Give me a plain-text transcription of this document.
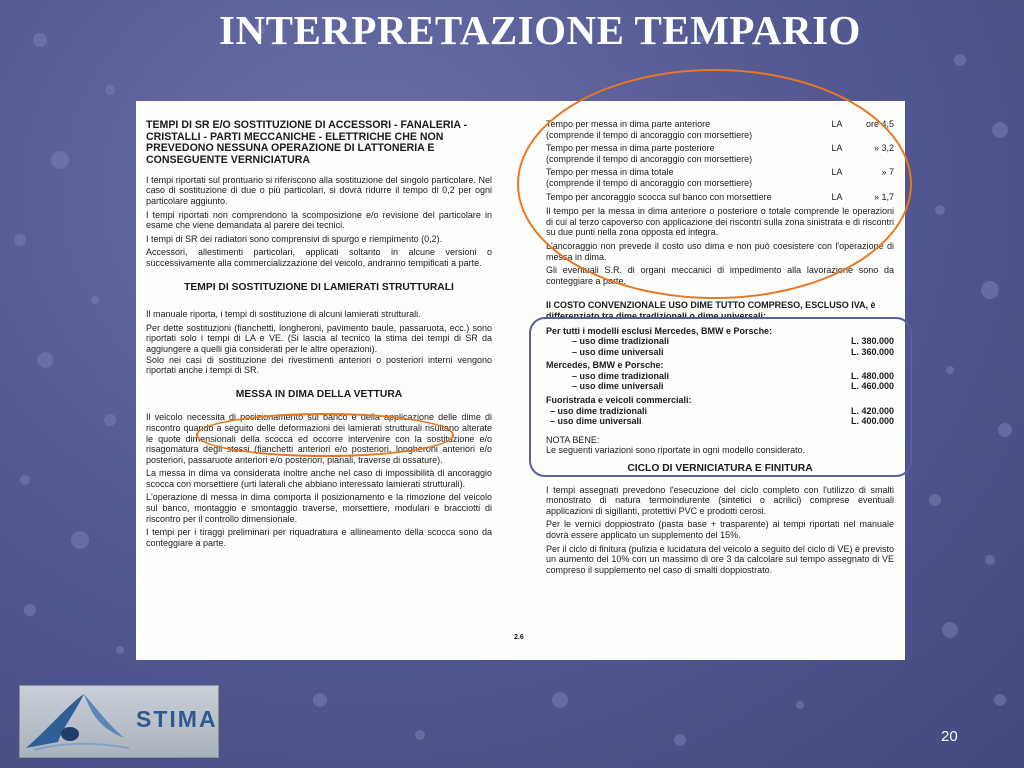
INTERPRETAZIONE TEMPARIO
TEMPI DI SR E/O SOSTITUZIONE DI ACCESSORI - FANALERIA - CRISTALLI - PARTI MECCANICHE - ELETTRICHE CHE NON PREVEDONO NESSUNA OPERAZIONE DI LATTONERIA E CONSEGUENTE VERNICIATURA

I tempi riportati sul prontuario si riferiscono alla sostituzione del singolo particolare. Nel caso di sostituzione di due o più particolari, si dovrà ridurre il tempo di 0,2 per ogni particolare aggiunto.

I tempi riportati non comprendono la scomposizione e/o revisione del particolare in esame che viene demandata al parere dei tecnici.

I tempi di SR dei radiatori sono comprensivi di spurgo e riempimento (0,2).

Accessori, allestimenti particolari, applicati soltanto in alcune versioni o successivamente alla commercializzazione del veicolo, andranno tempificati a parte.

TEMPI DI SOSTITUZIONE DI LAMIERATI STRUTTURALI

Il manuale riporta, i tempi di sostituzione di alcuni lamierati strutturali.

Per dette sostituzioni (fianchetti, longheroni, pavimento baule, passaruota, ecc.) sono riportati solo i tempi di LA e VE. (Si lascia al tecnico la stima dei tempi di SR da aggiungere a quelli già considerati per le altre operazioni).

Solo nei casi di sostituzione dei rivestimenti anteriori o posteriori interni vengono riportati anche i tempi di SR.

MESSA IN DIMA DELLA VETTURA

Il veicolo necessita di posizionamento sul banco e della applicazione delle dime di riscontro quando a seguito delle deformazioni dei lamierati strutturali risultano alterate le quote dimensionali della scocca ed occorre intervenire con la sostituzione e/o risagomatura degli stessi (fianchetti anteriori e/o posteriori, longheroni anteriori e/o posteriori, passaruote anteriori e/o posteriori, pianali, traverse di ossature).

La messa in dima va considerata inoltre anche nel caso di impossibilità di ancoraggio scocca con morsettiere (urti laterali che abbiano interessato lamierati strutturali).

L'operazione di messa in dima comporta il posizionamento e la rimozione del veicolo sul banco, montaggio e smontaggio traverse, morsettiere, modulari e bracciotti di riscontro per il controllo dimensionale.

I tempi per i tiraggi preliminari per riquadratura e allineamento della scocca sono da conteggiare a parte.

Tempo per messa in dima parte anteriore	LA	ore 4,5
(comprende il tempo di ancoraggio con morsettiere)
Tempo per messa in dima parte posteriore	LA	» 3,2
(comprende il tempo di ancoraggio con morsettiere)
Tempo per messa in dima totale	LA	» 7
(comprende il tempo di ancoraggio con morsettiere)
Tempo per ancoraggio scocca sul banco con morsettiere	LA	» 1,7

Il tempo per la messa in dima anteriore o posteriore o totale comprende le operazioni di cui al terzo capoverso con applicazione dei riscontri sulla zona sinistrata e di riscontri su due punti nella zona opposta ed integra.

L'ancoraggio non prevede il costo uso dima e non può coesistere con l'operazione di messa in dima.

Gli eventuali S.R. di organi meccanici di impedimento alla lavorazione sono da conteggiare a parte.

Il COSTO CONVENZIONALE USO DIME TUTTO COMPRESO, ESCLUSO IVA, è differenziato tra dime tradizionali o dime universali:
Per tutti i modelli esclusi Mercedes, BMW e Porsche:
– uso dime tradizionali	L. 380.000
– uso dime universali	L. 360.000
Mercedes, BMW e Porsche:
– uso dime tradizionali	L. 480.000
– uso dime universali	L. 460.000
Fuoristrada e veicoli commerciali:
– uso dime tradizionali	L. 420.000
– uso dime universali	L. 400.000
NOTA BENE:
Le seguenti variazioni sono riportate in ogni modello considerato.
CICLO DI VERNICIATURA E FINITURA

I tempi assegnati prevedono l'esecuzione del ciclo completo con l'utilizzo di smalti monostrato di natura termoindurente (sintetici o acrilici) comprese eventuali applicazioni di sigillanti, protettivi PVC e prodotti cerosi.

Per le vernici doppiostrato (pasta base + trasparente) ai tempi riportati nel manuale dovrà essere applicato un supplemento del 15%.

Per il ciclo di finitura (pulizia e lucidatura del veicolo a seguito del ciclo di VE) è previsto un aumento del 10% con un massimo di ore 3 da calcolare sul tempo assegnato di VE compreso il supplemento nel caso di smalti doppiostrato.

2.6
STIMA
20
